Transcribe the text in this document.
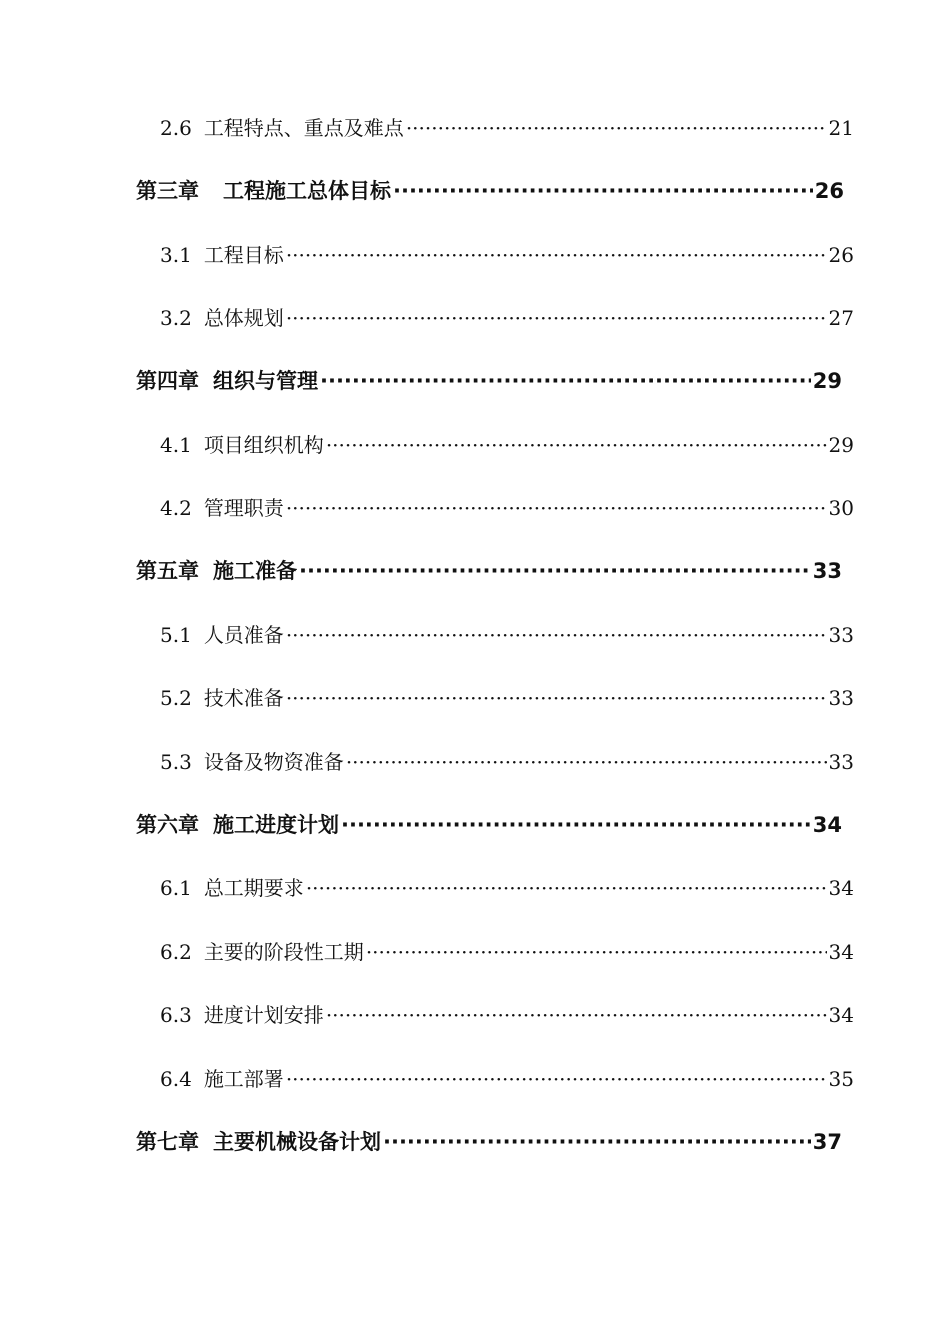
2.6 工程特点、重点及难点 ·····	21
第三章 工程施工总体目标 ·····	26
3.1 工程目标 ·····	26
3.2 总体规划 ·····	27
第四章 组织与管理 ·····	29
4.1 项目组织机构 ·····	29
4.2 管理职责 ·····	30
第五章 施工准备 ·····	33
5.1 人员准备 ·····	33
5.2 技术准备 ·····	33
5.3 设备及物资准备 ·····	33
第六章 施工进度计划 ·····	34
6.1 总工期要求 ·····	34
6.2 主要的阶段性工期 ·····	34
6.3 进度计划安排 ·····	34
6.4 施工部署 ·····	35
第七章 主要机械设备计划 ·····	37
